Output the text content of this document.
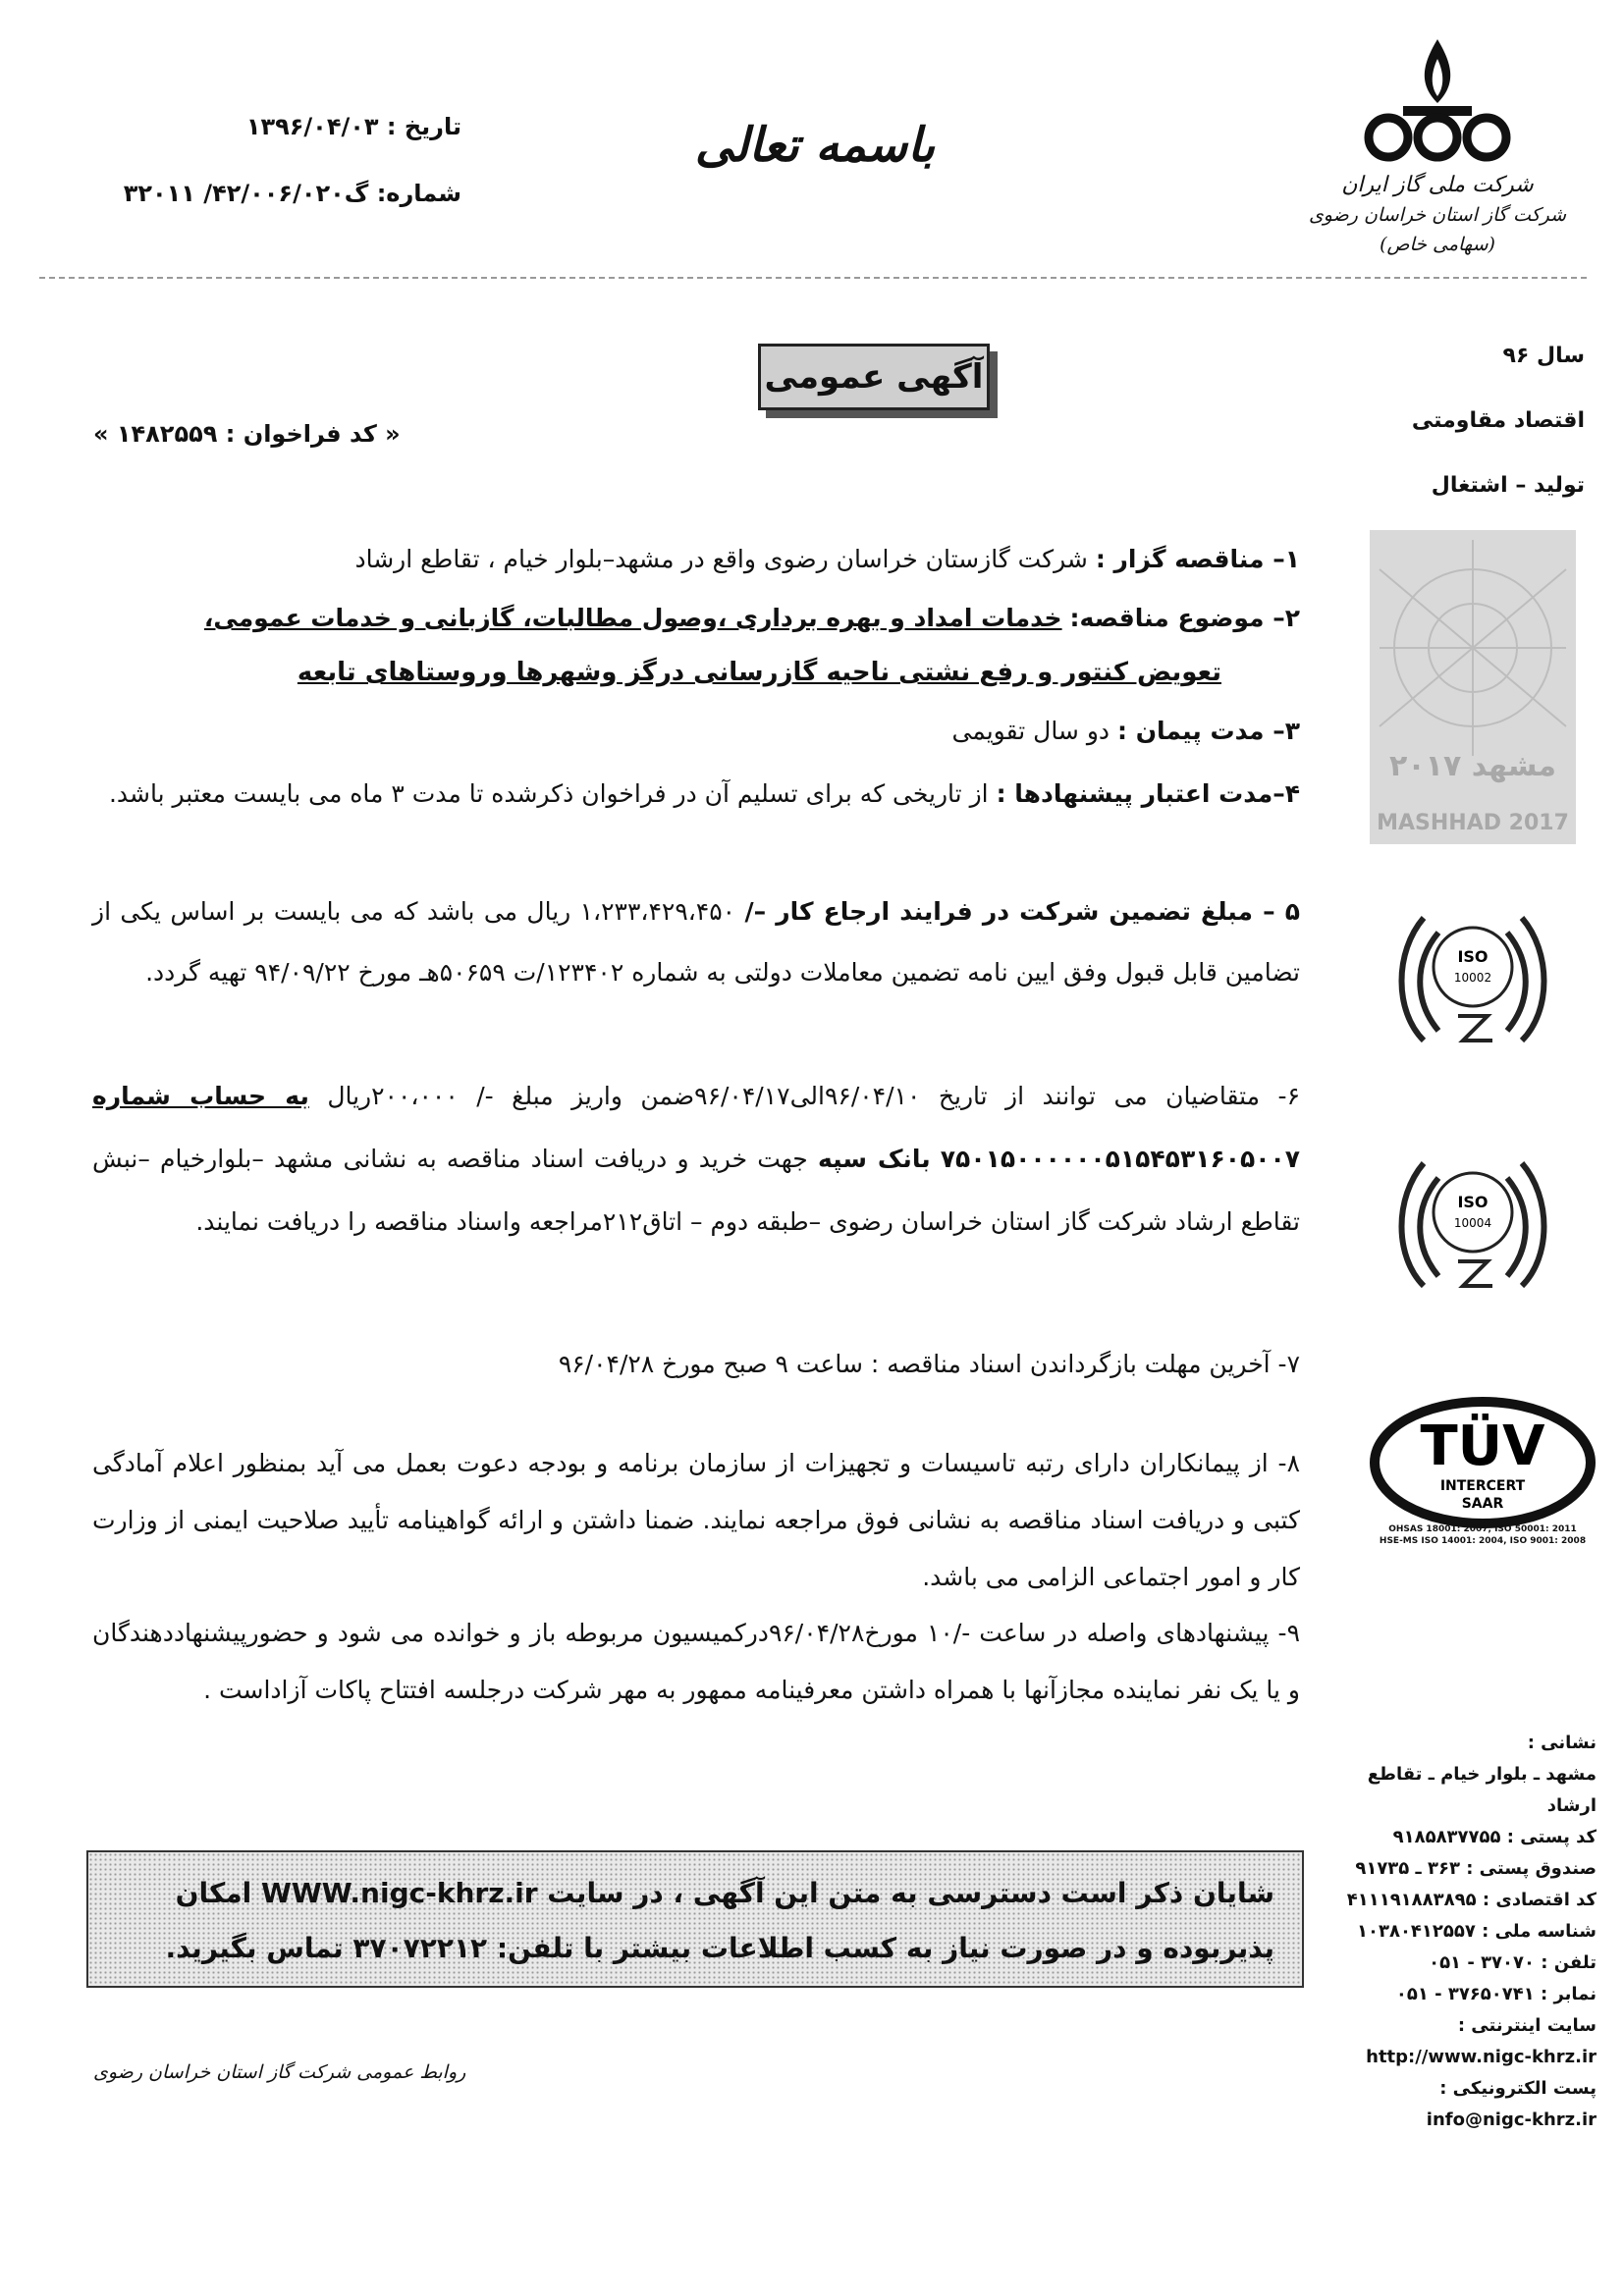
شرکت ملی گاز ایران
شرکت گاز استان خراسان رضوی (سهامی خاص)
باسمه تعالی
تاریخ : ۱۳۹۶/۰۴/۰۳
شماره: گ۴۲/۰۰۶/۰۲۰/ ۳۲۰۱۱
سال ۹۶
اقتصاد مقاومتی
تولید – اشتغال
مشهد ۲۰۱۷
MASHHAD 2017
ISO
10002
ISO
10004
TÜV
INTERCERT
SAAR
OHSAS 18001: 2007, ISO 50001: 2011
HSE-MS ISO 14001: 2004, ISO 9001: 2008
نشانی :
مشهد ـ بلوار خیام ـ تقاطع ارشاد
کد پستی : ۹۱۸۵۸۳۷۷۵۵
صندوق پستی : ۳۶۳ ـ ۹۱۷۳۵
کد اقتصادی : ۴۱۱۱۹۱۸۸۳۸۹۵
شناسه ملی : ۱۰۳۸۰۴۱۲۵۵۷
تلفن : ۳۷۰۷۰ - ۰۵۱
نمابر : ۳۷۶۵۰۷۴۱ - ۰۵۱
سایت اینترنتی :
http://www.nigc-khrz.ir
پست الکترونیکی :
info@nigc-khrz.ir
آگهی عمومی
« کد فراخوان : ۱۴۸۲۵۵۹ »
۱– مناقصه گزار : شرکت گازستان خراسان رضوی واقع در مشهد–بلوار خیام ، تقاطع ارشاد
۲– موضوع مناقصه: خدمات امداد و بهره برداری ،وصول مطالبات، گازبانی و خدمات عمومی،
تعویض کنتور و رفع نشتی ناحیه گازرسانی درگز وشهرها وروستاهای تابعه
۳– مدت پیمان : دو سال تقویمی
۴–مدت اعتبار پیشنهادها : از تاریخی که برای تسلیم آن در فراخوان ذکرشده تا مدت ۳ ماه می بایست معتبر باشد.
۵ – مبلغ تضمین شرکت در فرایند ارجاع کار –/ ۱،۲۳۳،۴۲۹،۴۵۰ ریال می باشد که می بایست بر اساس یکی از تضامین قابل قبول وفق ایین نامه تضمین معاملات دولتی به شماره ۱۲۳۴۰۲/ت ۵۰۶۵۹هـ مورخ ۹۴/۰۹/۲۲ تهیه گردد.
۶- متقاضیان می توانند از تاریخ ۹۶/۰۴/۱۰الی۹۶/۰۴/۱۷ضمن واریز مبلغ -/ ۲۰۰،۰۰۰ریال به حساب شماره ۷۵۰۱۵۰۰۰۰۰۰۵۱۵۴۵۳۱۶۰۵۰۰۷ بانک سپه جهت خرید و دریافت اسناد مناقصه به نشانی مشهد –بلوارخیام –نبش تقاطع ارشاد شرکت گاز استان خراسان رضوی –طبقه دوم – اتاق۲۱۲مراجعه واسناد مناقصه را دریافت نمایند.
۷- آخرین مهلت بازگرداندن اسناد مناقصه : ساعت ۹ صبح مورخ ۹۶/۰۴/۲۸
۸- از پیمانکاران دارای رتبه تاسیسات و تجهیزات از سازمان برنامه و بودجه دعوت بعمل می آید بمنظور اعلام آمادگی کتبی و دریافت اسناد مناقصه به نشانی فوق مراجعه نمایند. ضمنا داشتن و ارائه گواهینامه تأیید صلاحیت ایمنی از وزارت کار و امور اجتماعی الزامی می باشد.
۹- پیشنهادهای واصله در ساعت -/۱۰ مورخ۹۶/۰۴/۲۸درکمیسیون مربوطه باز و خوانده می شود و حضورپیشنهاددهندگان و یا یک نفر نماینده مجازآنها با همراه داشتن معرفینامه ممهور به مهر شرکت درجلسه افتتاح پاکات آزاداست .
شایان ذکر است دسترسی به متن این آگهی ، در سایت WWW.nigc-khrz.ir امکان
پذیربوده و در صورت نیاز به کسب اطلاعات بیشتر با تلفن: ۳۷۰۷۲۲۱۲ تماس بگیرید.
روابط عمومی شرکت گاز استان خراسان رضوی
